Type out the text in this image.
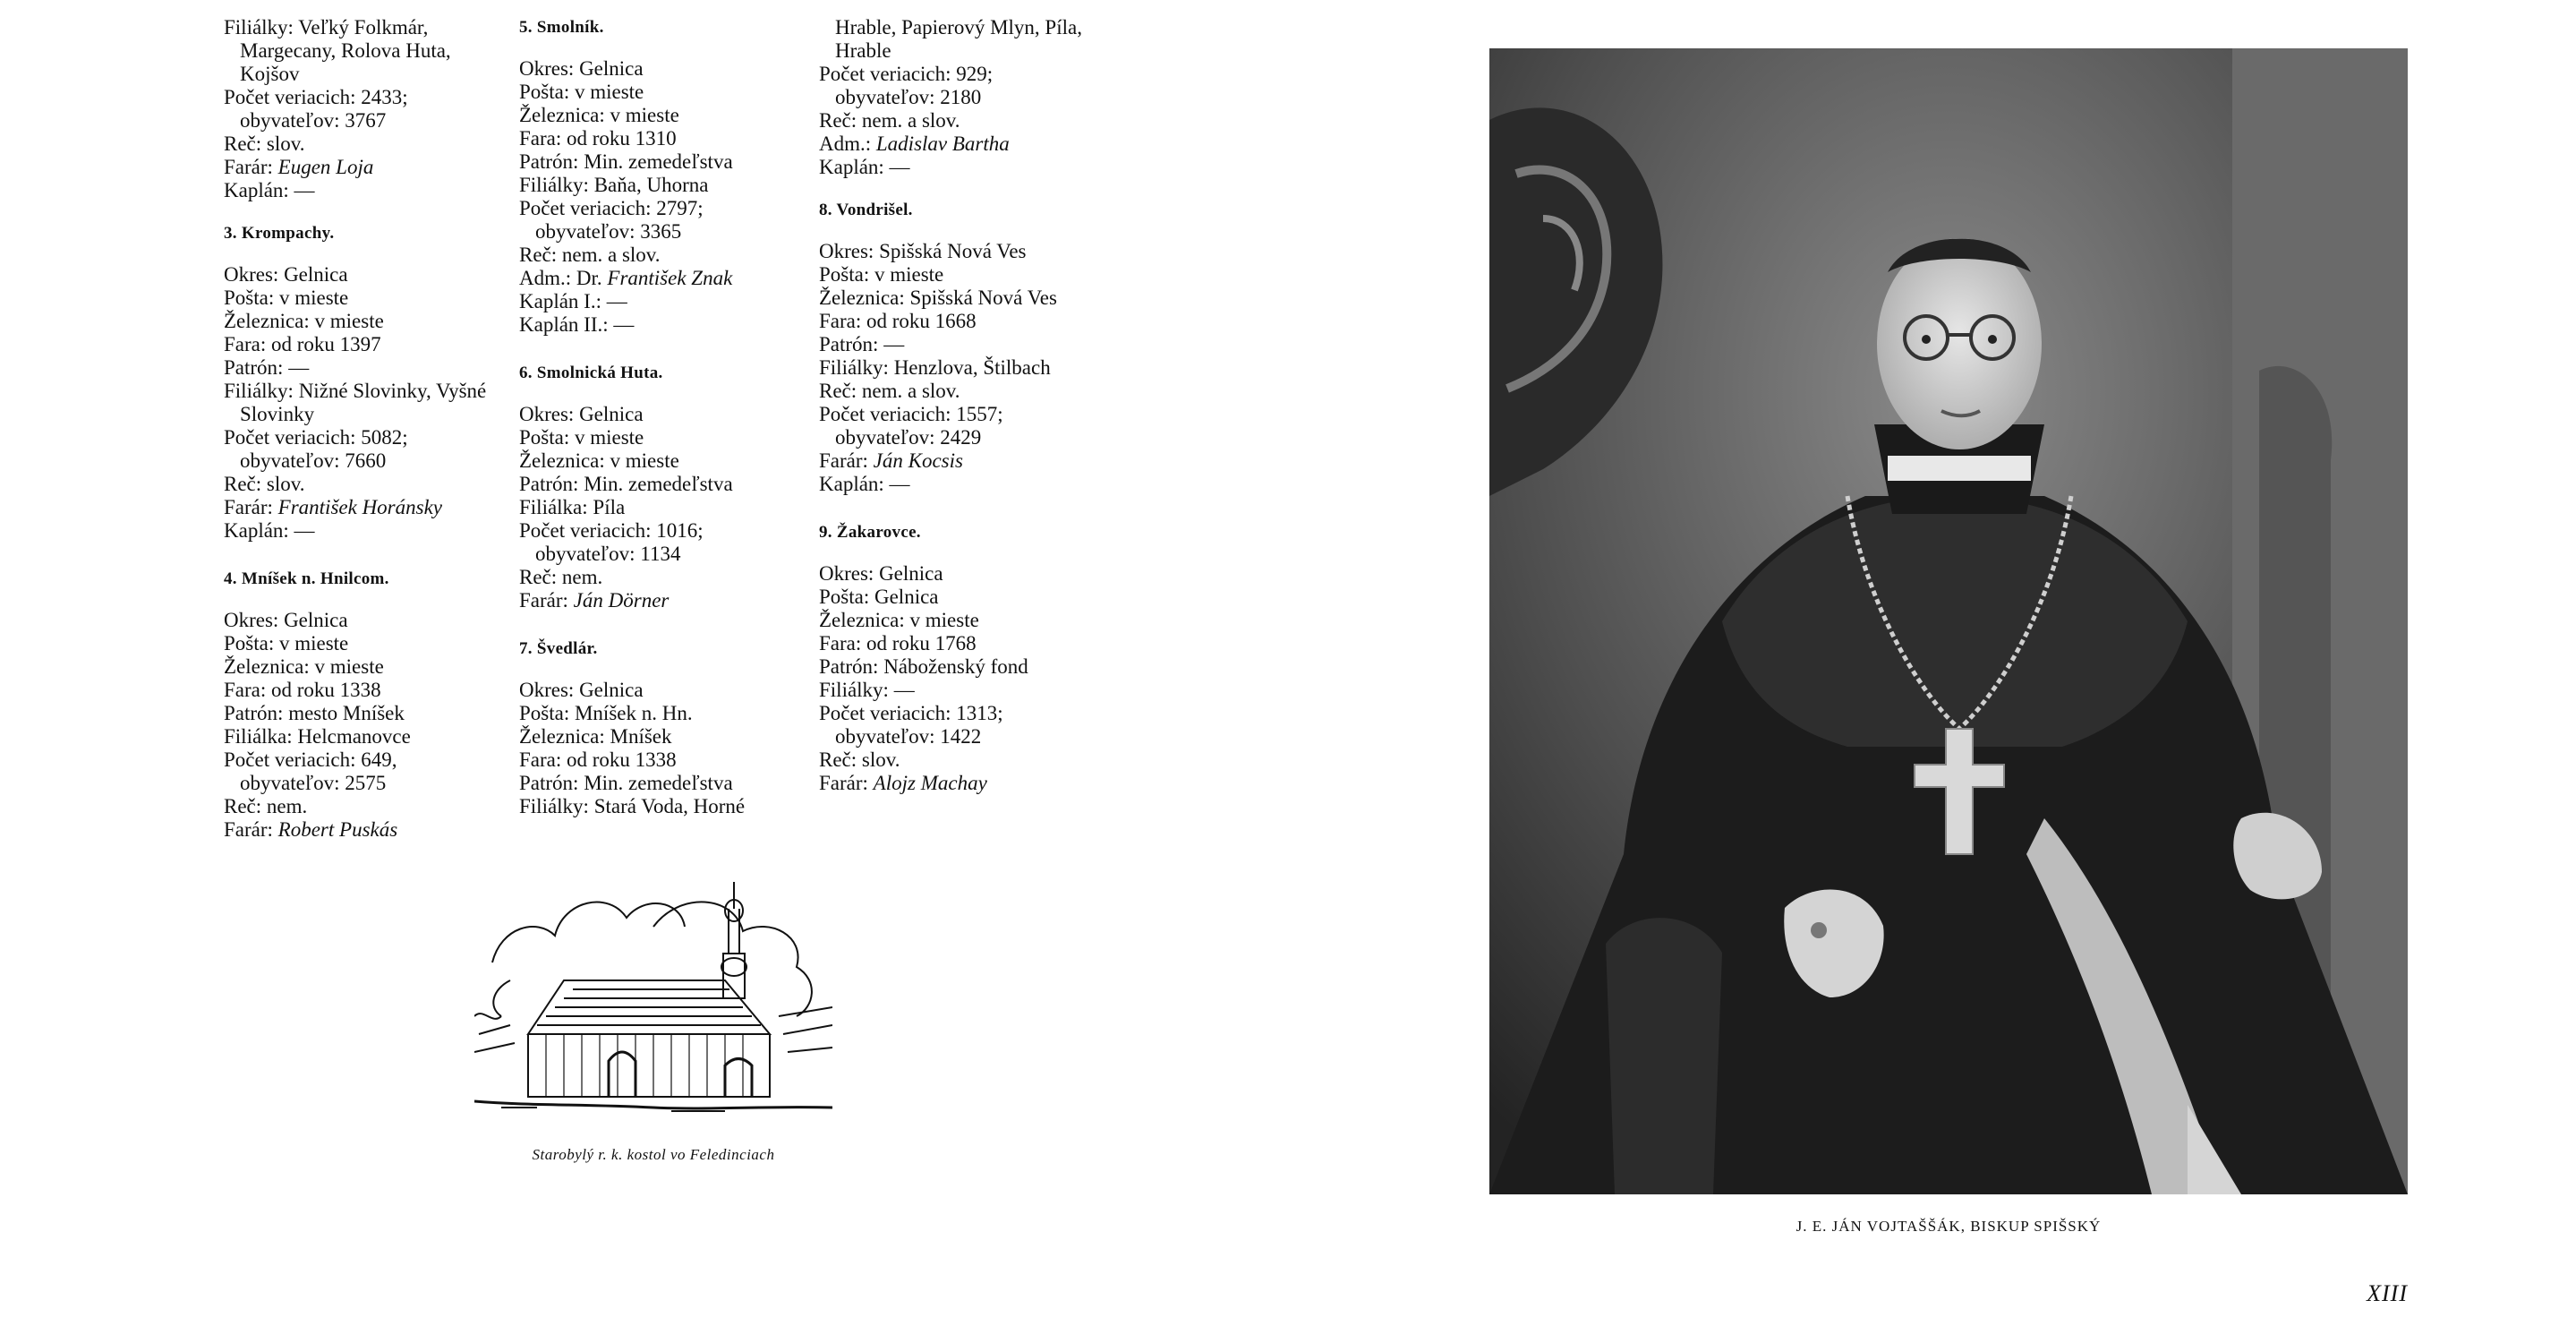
Filiálky: Veľký Folkmár, Margecany, Rolova Huta, Kojšov
Počet veriacich: 2433; obyvateľov: 3767
Reč: slov.
Farár: Eugen Loja
Kaplán: —
3. Krompachy.
Okres: Gelnica
Pošta: v mieste
Železnica: v mieste
Fara: od roku 1397
Patrón: —
Filiálky: Nižné Slovinky, Vyšné Slovinky
Počet veriacich: 5082; obyvateľov: 7660
Reč: slov.
Farár: František Horánsky
Kaplán: —
4. Mníšek n. Hnilcom.
Okres: Gelnica
Pošta: v mieste
Železnica: v mieste
Fara: od roku 1338
Patrón: mesto Mníšek
Filiálka: Helcmanovce
Počet veriacich: 649, obyvateľov: 2575
Reč: nem.
Farár: Robert Puskás
5. Smolník.
Okres: Gelnica
Pošta: v mieste
Železnica: v mieste
Fara: od roku 1310
Patrón: Min. zemedeľstva
Filiálky: Baňa, Uhorna
Počet veriacich: 2797; obyvateľov: 3365
Reč: nem. a slov.
Adm.: Dr. František Znak
Kaplán I.: —
Kaplán II.: —
6. Smolnická Huta.
Okres: Gelnica
Pošta: v mieste
Železnica: v mieste
Patrón: Min. zemedeľstva
Filiálka: Píla
Počet veriacich: 1016; obyvateľov: 1134
Reč: nem.
Farár: Ján Dörner
7. Švedlár.
Okres: Gelnica
Pošta: Mníšek n. Hn.
Železnica: Mníšek
Fara: od roku 1338
Patrón: Min. zemedeľstva
Filiálky: Stará Voda, Horné
Hrable, Papierový Mlyn, Píla, Hrable
Počet veriacich: 929; obyvateľov: 2180
Reč: nem. a slov.
Adm.: Ladislav Bartha
Kaplán: —
8. Vondrišel.
Okres: Spišská Nová Ves
Pošta: v mieste
Železnica: Spišská Nová Ves
Fara: od roku 1668
Patrón: —
Filiálky: Henzlova, Štilbach
Reč: nem. a slov.
Počet veriacich: 1557; obyvateľov: 2429
Farár: Ján Kocsis
Kaplán: —
9. Žakarovce.
Okres: Gelnica
Pošta: Gelnica
Železnica: v mieste
Fara: od roku 1768
Patrón: Náboženský fond
Filiálky: —
Počet veriacich: 1313; obyvateľov: 1422
Reč: slov.
Farár: Alojz Machay
Starobylý r. k. kostol vo Feledinciach
J. E. JÁN VOJTAŠŠÁK, BISKUP SPIŠSKÝ
XIII
